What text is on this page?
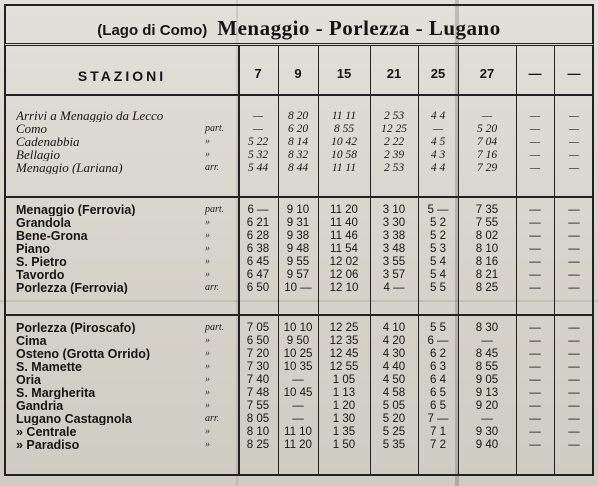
(Lago di Como) Menaggio - Porlezza - Lugano
STAZIONI	7	9	15	21	25	27	—	—
Arrivi a Menaggio da Lecco	—	8 20	11 11	2 53	4 4	—	—	—
Como	part.	—	6 20	8 55	12 25	—	5 20	—	—
Cadenabbia	»	5 22	8 14	10 42	2 22	4 5	7 04	—	—
Bellagio	»	5 32	8 32	10 58	2 39	4 3	7 16	—	—
Menaggio (Lariana)	arr.	5 44	8 44	11 11	2 53	4 4	7 29	—	—
Menaggio (Ferrovia)	part.	6 —	9 10	11 20	3 10	5 —	7 35	—	—
Grandola	»	6 21	9 31	11 40	3 30	5 2	7 55	—	—
Bene-Grona	»	6 28	9 38	11 46	3 38	5 2	8 02	—	—
Piano	»	6 38	9 48	11 54	3 48	5 3	8 10	—	—
S. Pietro	»	6 45	9 55	12 02	3 55	5 4	8 16	—	—
Tavordo	»	6 47	9 57	12 06	3 57	5 4	8 21	—	—
Porlezza (Ferrovia)	arr.	6 50	10 —	12 10	4 —	5 5	8 25	—	—
Porlezza (Piroscafo)	part.	7 05	10 10	12 25	4 10	5 5	8 30	—	—
Cima	»	6 50	9 50	12 35	4 20	6 —	—	—	—
Osteno (Grotta Orrido)	»	7 20	10 25	12 45	4 30	6 2	8 45	—	—
S. Mamette	»	7 30	10 35	12 55	4 40	6 3	8 55	—	—
Oria	»	7 40	—	1 05	4 50	6 4	9 05	—	—
S. Margherita	»	7 48	10 45	1 13	4 58	6 5	9 13	—	—
Gandria	»	7 55	—	1 20	5 05	6 5	9 20	—	—
Lugano Castagnola	arr.	8 05	—	1 30	5 20	7 —	—	—	—
» Centrale	»	8 10	11 10	1 35	5 25	7 1	9 30	—	—
» Paradiso	»	8 25	11 20	1 50	5 35	7 2	9 40	—	—
